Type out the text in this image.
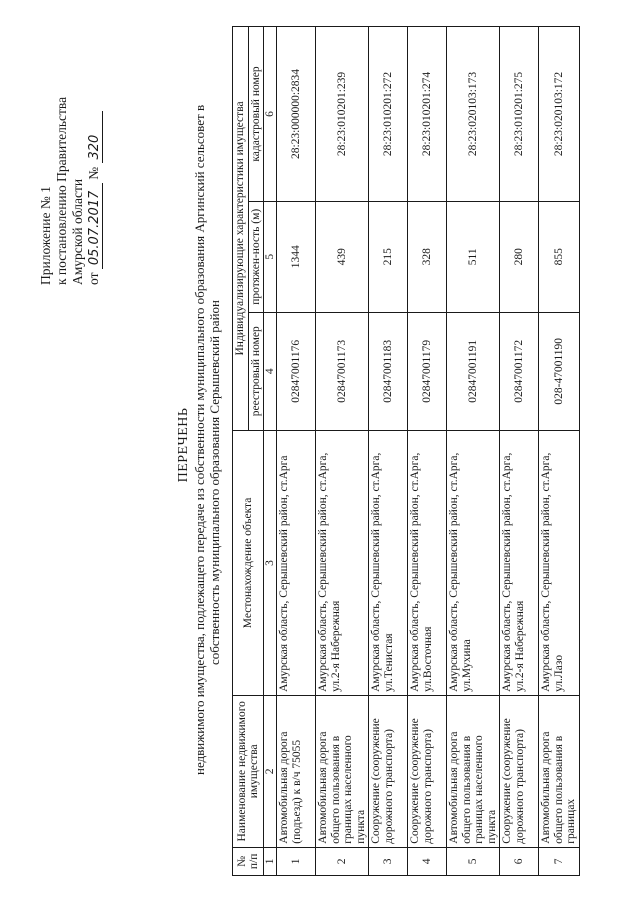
Приложение № 1 к постановлению Правительства Амурской области от 05.07.2017 № 320
ПЕРЕЧЕНЬ недвижимого имущества, подлежащего передаче из собственности муниципального образования Аргинский сельсовет в собственность муниципального образования Серышевский район
№ п/п	Наименование недвижимого имущества	Местонахождение объекта	Индивидуализирующие характеристики имущества		
			реестровый номер	протяжен-ность (м)	кадастровый номер
1	2	3	4	5	6
1	Автомобильная дорога (подъезд) к в/ч 75055	Амурская область, Серышевский район, ст.Арга	02847001176	1344	28:23:000000:2834
2	Автомобильная дорога общего пользования в границах населенного пункта	Амурская область, Серышевский район, ст.Арга, ул.2-я Набережная	02847001173	439	28:23:010201:239
3	Сооружение (сооружение дорожного транспорта)	Амурская область, Серышевский район, ст.Арга, ул.Тенистая	02847001183	215	28:23:010201:272
4	Сооружение (сооружение дорожного транспорта)	Амурская область, Серышевский район, ст.Арга, ул.Восточная	02847001179	328	28:23:010201:274
5	Автомобильная дорога общего пользования в границах населенного пункта	Амурская область, Серышевский район, ст.Арга, ул.Мухина	02847001191	511	28:23:020103:173
6	Сооружение (сооружение дорожного транспорта)	Амурская область, Серышевский район, ст.Арга, ул.2-я Набережная	02847001172	280	28:23:010201:275
7	Автомобильная дорога общего пользования в границах	Амурская область, Серышевский район, ст.Арга, ул.Лазо	028-47001190	855	28:23:020103:172
